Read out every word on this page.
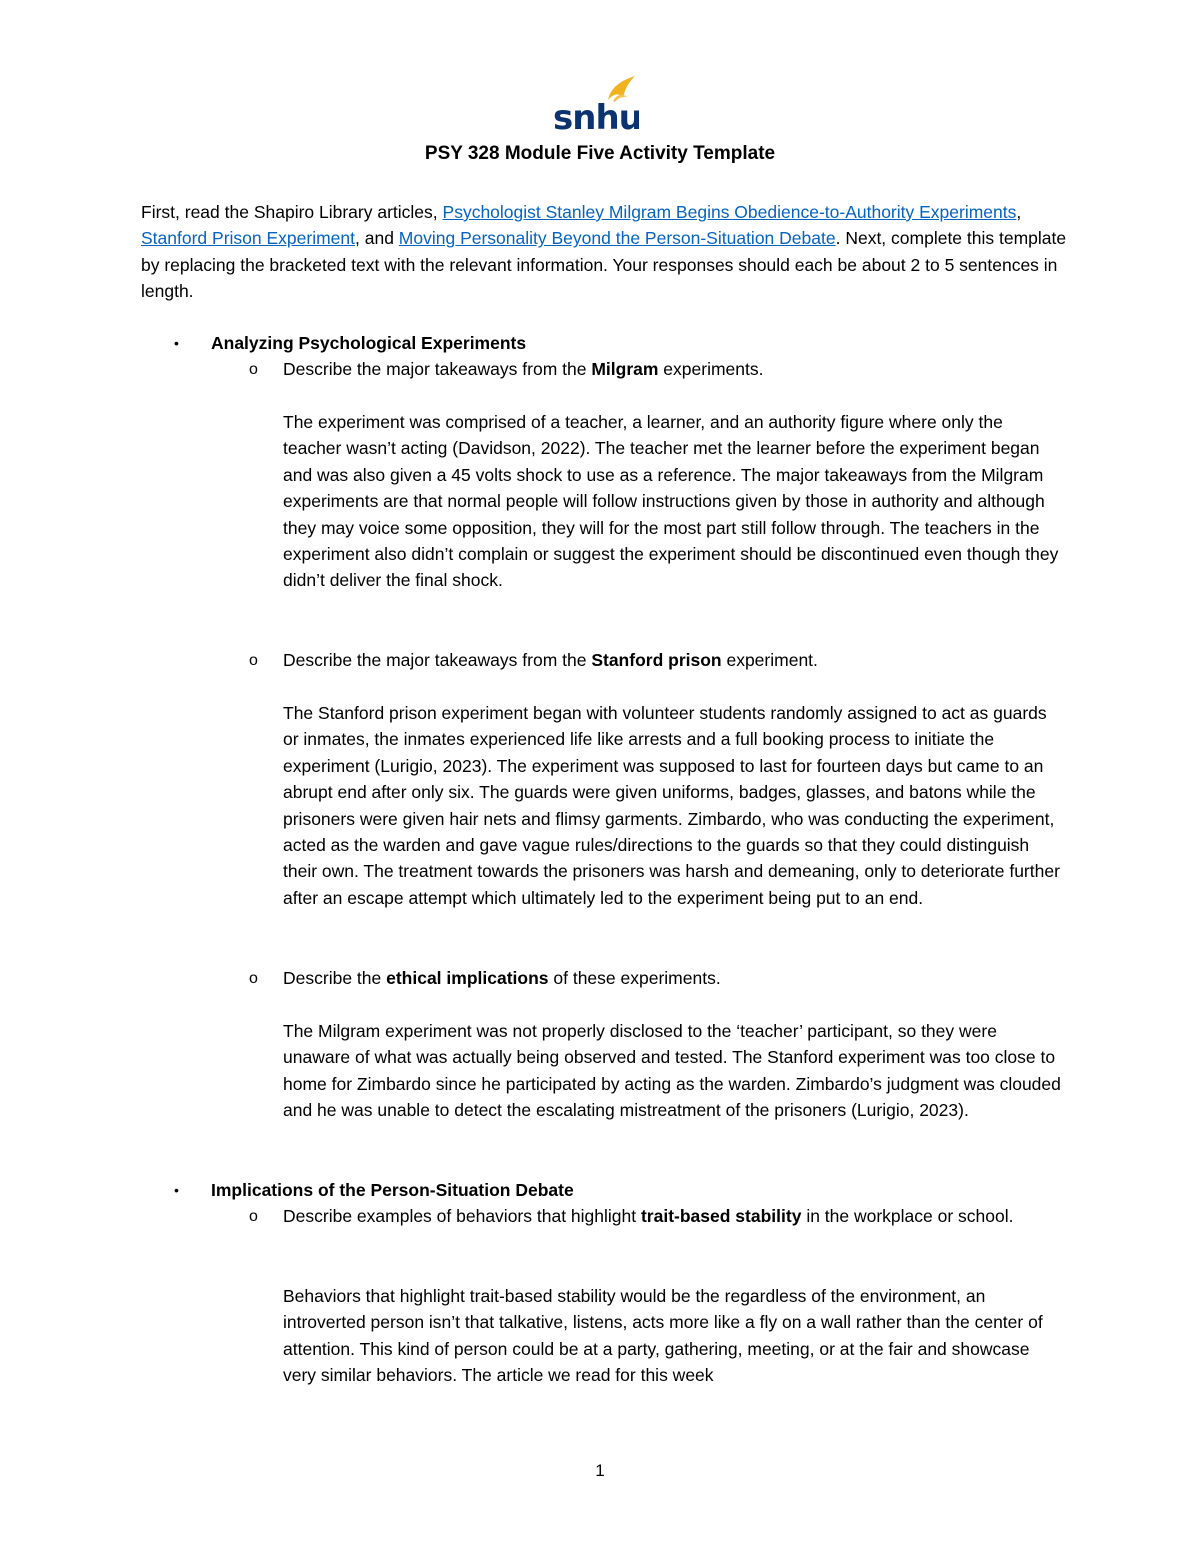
snhu
PSY 328 Module Five Activity Template

First, read the Shapiro Library articles, Psychologist Stanley Milgram Begins Obedience-to-Authority Experiments, Stanford Prison Experiment, and Moving Personality Beyond the Person-Situation Debate. Next, complete this template by replacing the bracketed text with the relevant information. Your responses should each be about 2 to 5 sentences in length.

• Analyzing Psychological Experiments
o Describe the major takeaways from the Milgram experiments.

The experiment was comprised of a teacher, a learner, and an authority figure where only the teacher wasn’t acting (Davidson, 2022). The teacher met the learner before the experiment began and was also given a 45 volts shock to use as a reference. The major takeaways from the Milgram experiments are that normal people will follow instructions given by those in authority and although they may voice some opposition, they will for the most part still follow through. The teachers in the experiment also didn’t complain or suggest the experiment should be discontinued even though they didn’t deliver the final shock.

o Describe the major takeaways from the Stanford prison experiment.

The Stanford prison experiment began with volunteer students randomly assigned to act as guards or inmates, the inmates experienced life like arrests and a full booking process to initiate the experiment (Lurigio, 2023). The experiment was supposed to last for fourteen days but came to an abrupt end after only six. The guards were given uniforms, badges, glasses, and batons while the prisoners were given hair nets and flimsy garments. Zimbardo, who was conducting the experiment, acted as the warden and gave vague rules/directions to the guards so that they could distinguish their own. The treatment towards the prisoners was harsh and demeaning, only to deteriorate further after an escape attempt which ultimately led to the experiment being put to an end.

o Describe the ethical implications of these experiments.

The Milgram experiment was not properly disclosed to the ‘teacher’ participant, so they were unaware of what was actually being observed and tested. The Stanford experiment was too close to home for Zimbardo since he participated by acting as the warden. Zimbardo’s judgment was clouded and he was unable to detect the escalating mistreatment of the prisoners (Lurigio, 2023).

• Implications of the Person-Situation Debate
o Describe examples of behaviors that highlight trait-based stability in the workplace or school.

Behaviors that highlight trait-based stability would be the regardless of the environment, an introverted person isn’t that talkative, listens, acts more like a fly on a wall rather than the center of attention. This kind of person could be at a party, gathering, meeting, or at the fair and showcase very similar behaviors. The article we read for this week

1
